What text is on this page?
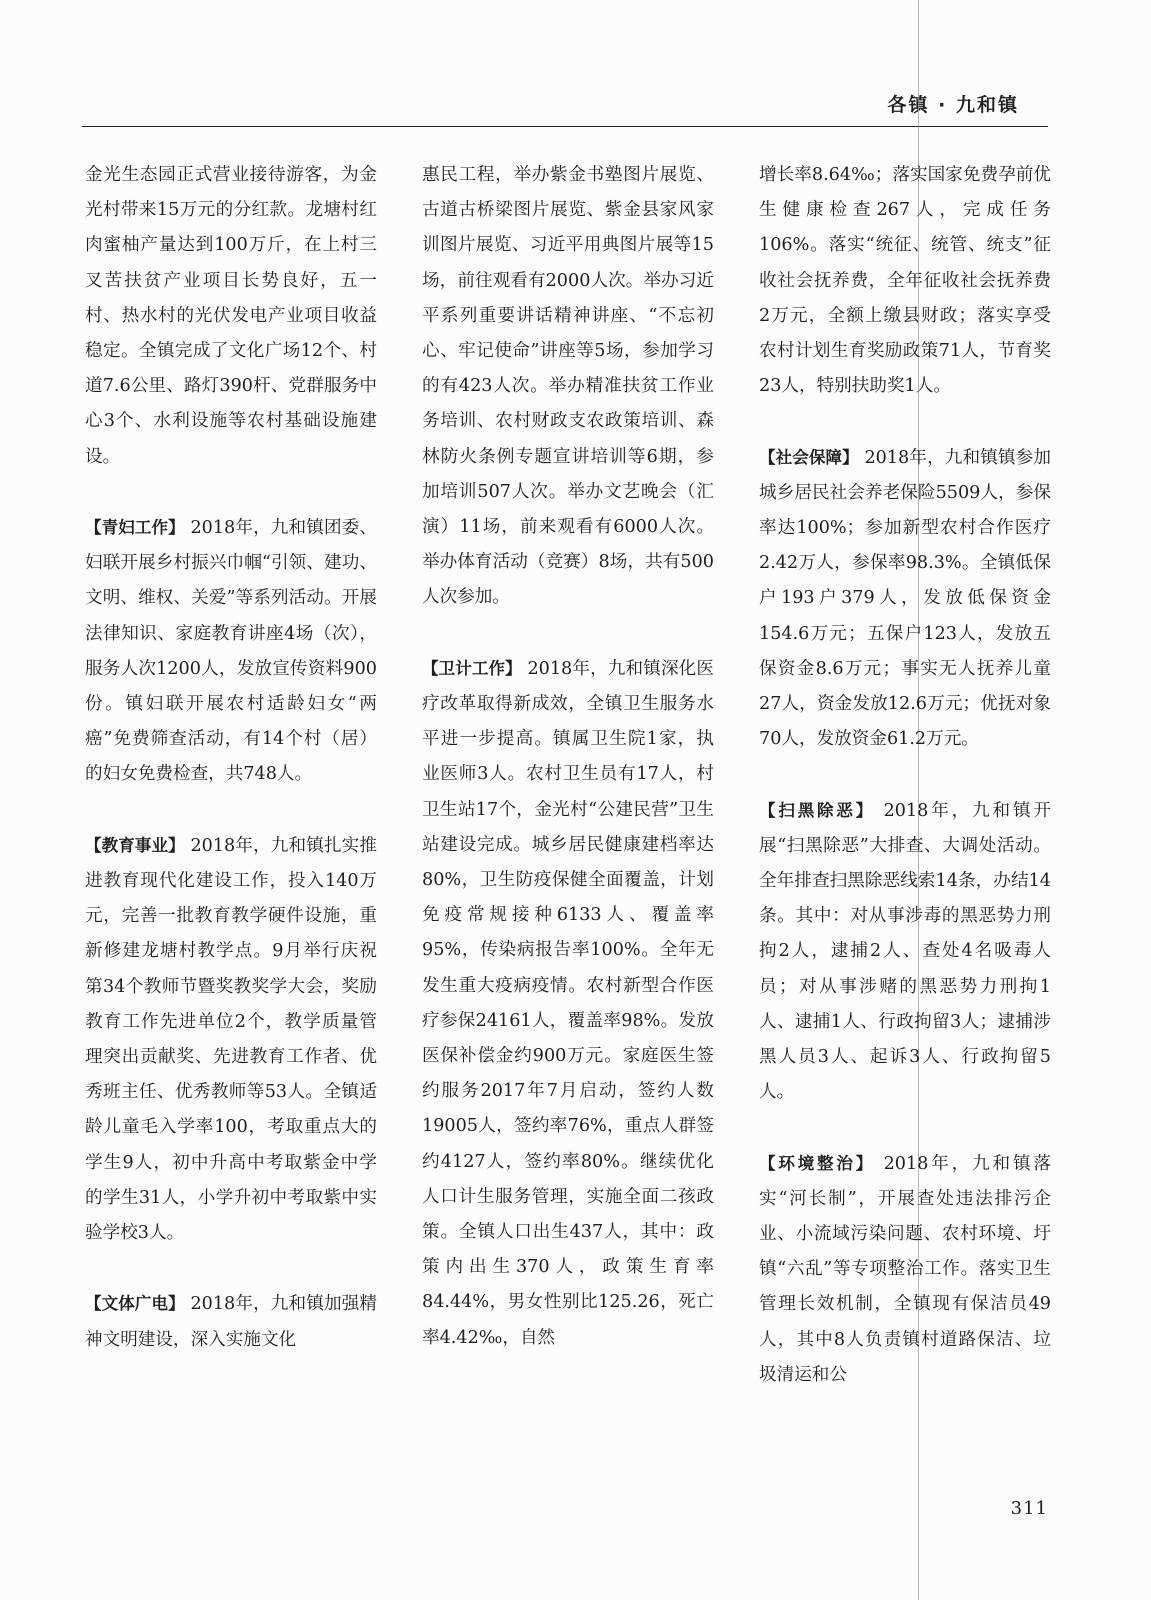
各镇 · 九和镇

金光生态园正式营业接待游客，为金光村带来15万元的分红款。龙塘村红肉蜜柚产量达到100万斤，在上村三叉苦扶贫产业项目长势良好，五一村、热水村的光伏发电产业项目收益稳定。全镇完成了文化广场12个、村道7.6公里、路灯390杆、党群服务中心3个、水利设施等农村基础设施建设。

【青妇工作】 2018年，九和镇团委、妇联开展乡村振兴巾帼“引领、建功、文明、维权、关爱”等系列活动。开展法律知识、家庭教育讲座4场（次），服务人次1200人，发放宣传资料900份。镇妇联开展农村适龄妇女“两癌”免费筛查活动，有14个村（居）的妇女免费检查，共748人。

【教育事业】 2018年，九和镇扎实推进教育现代化建设工作，投入140万元，完善一批教育教学硬件设施，重新修建龙塘村教学点。9月举行庆祝第34个教师节暨奖教奖学大会，奖励教育工作先进单位2个，教学质量管理突出贡献奖、先进教育工作者、优秀班主任、优秀教师等53人。全镇适龄儿童毛入学率100，考取重点大的学生9人，初中升高中考取紫金中学的学生31人，小学升初中考取紫中实验学校3人。

【文体广电】 2018年，九和镇加强精神文明建设，深入实施文化

惠民工程，举办紫金书塾图片展览、古道古桥梁图片展览、紫金县家风家训图片展览、习近平用典图片展等15场，前往观看有2000人次。举办习近平系列重要讲话精神讲座、“不忘初心、牢记使命”讲座等5场，参加学习的有423人次。举办精准扶贫工作业务培训、农村财政支农政策培训、森林防火条例专题宣讲培训等6期，参加培训507人次。举办文艺晚会（汇演）11场，前来观看有6000人次。举办体育活动（竞赛）8场，共有500人次参加。

【卫计工作】 2018年，九和镇深化医疗改革取得新成效，全镇卫生服务水平进一步提高。镇属卫生院1家，执业医师3人。农村卫生员有17人，村卫生站17个，金光村“公建民营”卫生站建设完成。城乡居民健康建档率达80%，卫生防疫保健全面覆盖，计划免疫常规接种6133人、覆盖率95%，传染病报告率100%。全年无发生重大疫病疫情。农村新型合作医疗参保24161人，覆盖率98%。发放医保补偿金约900万元。家庭医生签约服务2017年7月启动，签约人数19005人，签约率76%，重点人群签约4127人，签约率80%。继续优化人口计生服务管理，实施全面二孩政策。全镇人口出生437人，其中：政策内出生370人，政策生育率84.44%，男女性别比125.26，死亡率4.42‰，自然

增长率8.64‰；落实国家免费孕前优生健康检查267人，完成任务106%。落实“统征、统管、统支”征收社会抚养费，全年征收社会抚养费2万元，全额上缴县财政；落实享受农村计划生育奖励政策71人，节育奖23人，特别扶助奖1人。

【社会保障】 2018年，九和镇镇参加城乡居民社会养老保险5509人，参保率达100%；参加新型农村合作医疗2.42万人，参保率98.3%。全镇低保户193户379人，发放低保资金154.6万元；五保户123人，发放五保资金8.6万元；事实无人抚养儿童27人，资金发放12.6万元；优抚对象70人，发放资金61.2万元。

【扫黑除恶】 2018年，九和镇开展“扫黑除恶”大排查、大调处活动。全年排查扫黑除恶线索14条，办结14条。其中：对从事涉毒的黑恶势力刑拘2人，逮捕2人、查处4名吸毒人员；对从事涉赌的黑恶势力刑拘1人、逮捕1人、行政拘留3人；逮捕涉黑人员3人、起诉3人、行政拘留5人。

【环境整治】 2018年，九和镇落实“河长制”，开展查处违法排污企业、小流域污染问题、农村环境、圩镇“六乱”等专项整治工作。落实卫生管理长效机制，全镇现有保洁员49人，其中8人负责镇村道路保洁、垃圾清运和公

311
